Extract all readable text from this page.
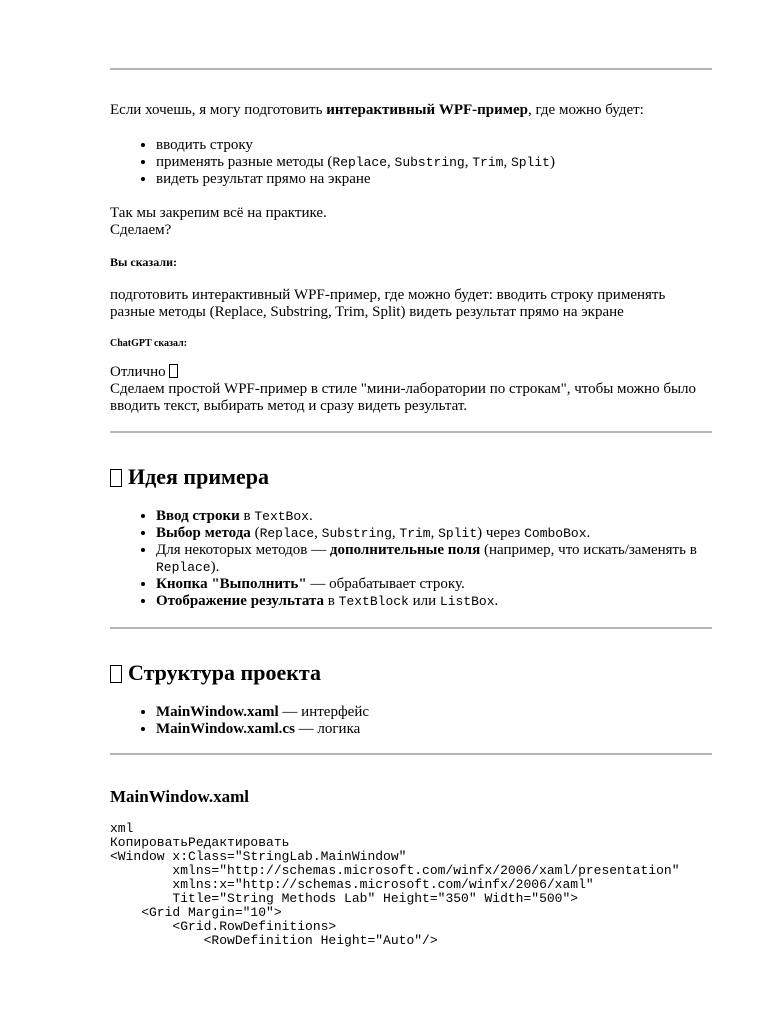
Если хочешь, я могу подготовить интерактивный WPF-пример, где можно будет:

• вводить строку
• применять разные методы (Replace, Substring, Trim, Split)
• видеть результат прямо на экране

Так мы закрепим всё на практике.
Сделаем?

Вы сказали:

подготовить интерактивный WPF-пример, где можно будет: вводить строку применять разные методы (Replace, Substring, Trim, Split) видеть результат прямо на экране

ChatGPT сказал:

Отлично
Сделаем простой WPF-пример в стиле "мини-лаборатории по строкам", чтобы можно было вводить текст, выбирать метод и сразу видеть результат.

Идея примера
• Ввод строки в TextBox.
• Выбор метода (Replace, Substring, Trim, Split) через ComboBox.
• Для некоторых методов — дополнительные поля (например, что искать/заменять в Replace).
• Кнопка "Выполнить" — обрабатывает строку.
• Отображение результата в TextBlock или ListBox.
Структура проекта
• MainWindow.xaml — интерфейс
• MainWindow.xaml.cs — логика
MainWindow.xaml
xml
КопироватьРедактировать
<Window x:Class="StringLab.MainWindow"
xmlns="http://schemas.microsoft.com/winfx/2006/xaml/presentation"
xmlns:x="http://schemas.microsoft.com/winfx/2006/xaml"
Title="String Methods Lab" Height="350" Width="500">
<Grid Margin="10">
<Grid.RowDefinitions>
<RowDefinition Height="Auto"/>
